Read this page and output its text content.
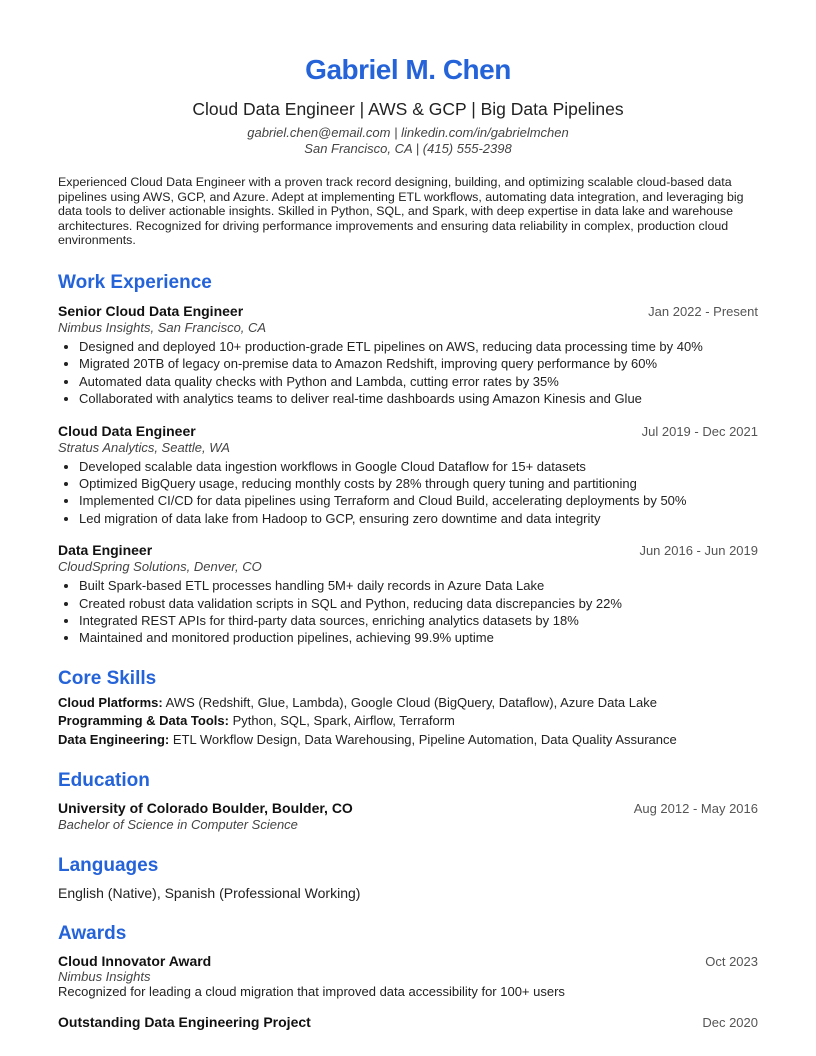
Gabriel M. Chen
Cloud Data Engineer | AWS & GCP | Big Data Pipelines
gabriel.chen@email.com | linkedin.com/in/gabrielmchen
San Francisco, CA | (415) 555-2398
Experienced Cloud Data Engineer with a proven track record designing, building, and optimizing scalable cloud-based data pipelines using AWS, GCP, and Azure. Adept at implementing ETL workflows, automating data integration, and leveraging big data tools to deliver actionable insights. Skilled in Python, SQL, and Spark, with deep expertise in data lake and warehouse architectures. Recognized for driving performance improvements and ensuring data reliability in complex, production cloud environments.
Work Experience
Senior Cloud Data Engineer	Jan 2022 - Present
Nimbus Insights, San Francisco, CA
• Designed and deployed 10+ production-grade ETL pipelines on AWS, reducing data processing time by 40%
• Migrated 20TB of legacy on-premise data to Amazon Redshift, improving query performance by 60%
• Automated data quality checks with Python and Lambda, cutting error rates by 35%
• Collaborated with analytics teams to deliver real-time dashboards using Amazon Kinesis and Glue
Cloud Data Engineer	Jul 2019 - Dec 2021
Stratus Analytics, Seattle, WA
• Developed scalable data ingestion workflows in Google Cloud Dataflow for 15+ datasets
• Optimized BigQuery usage, reducing monthly costs by 28% through query tuning and partitioning
• Implemented CI/CD for data pipelines using Terraform and Cloud Build, accelerating deployments by 50%
• Led migration of data lake from Hadoop to GCP, ensuring zero downtime and data integrity
Data Engineer	Jun 2016 - Jun 2019
CloudSpring Solutions, Denver, CO
• Built Spark-based ETL processes handling 5M+ daily records in Azure Data Lake
• Created robust data validation scripts in SQL and Python, reducing data discrepancies by 22%
• Integrated REST APIs for third-party data sources, enriching analytics datasets by 18%
• Maintained and monitored production pipelines, achieving 99.9% uptime
Core Skills
Cloud Platforms: AWS (Redshift, Glue, Lambda), Google Cloud (BigQuery, Dataflow), Azure Data Lake
Programming & Data Tools: Python, SQL, Spark, Airflow, Terraform
Data Engineering: ETL Workflow Design, Data Warehousing, Pipeline Automation, Data Quality Assurance
Education
University of Colorado Boulder, Boulder, CO	Aug 2012 - May 2016
Bachelor of Science in Computer Science
Languages
English (Native), Spanish (Professional Working)
Awards
Cloud Innovator Award	Oct 2023
Nimbus Insights
Recognized for leading a cloud migration that improved data accessibility for 100+ users
Outstanding Data Engineering Project	Dec 2020
